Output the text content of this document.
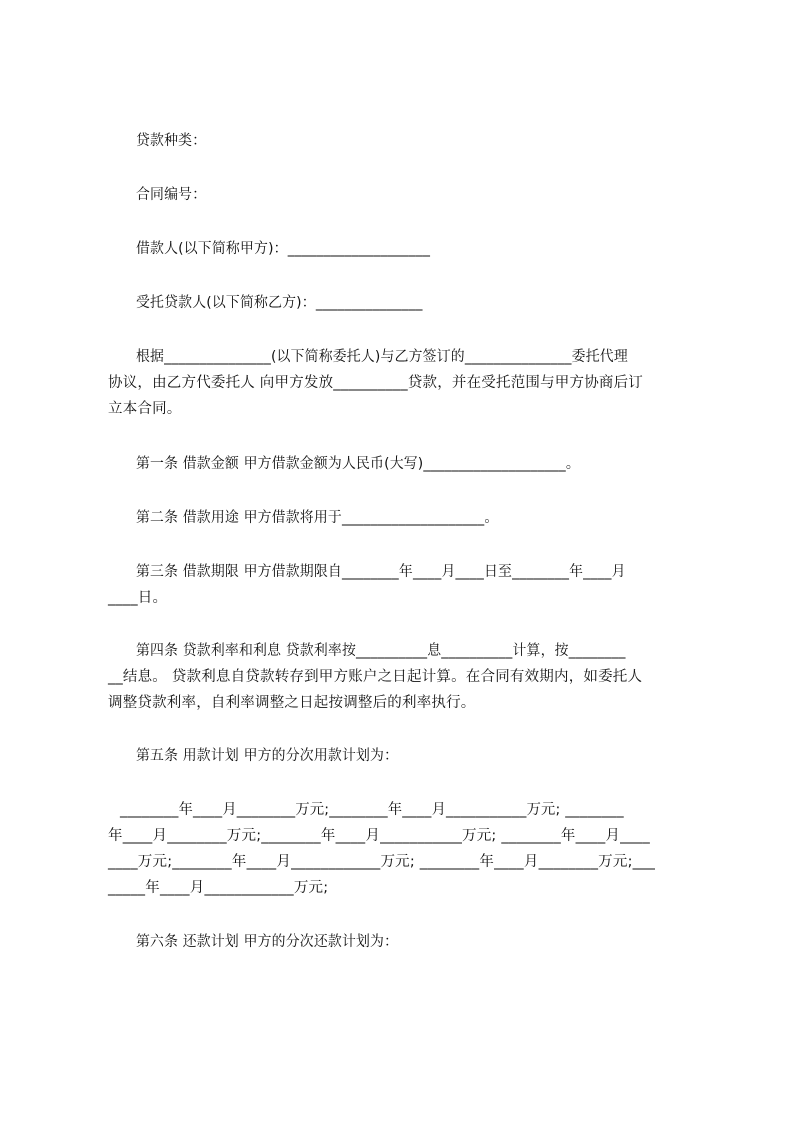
贷款种类：
合同编号：
借款人(以下简称甲方)：____________________
受托贷款人(以下简称乙方)：_______________
根据_______________(以下简称委托人)与乙方签订的_______________委托代理
协议，由乙方代委托人 向甲方发放__________贷款，并在受托范围与甲方协商后订
立本合同。
第一条 借款金额 甲方借款金额为人民币(大写)____________________。
第二条 借款用途 甲方借款将用于____________________。
第三条 借款期限 甲方借款期限自________年____月____日至________年____月
____日。
第四条 贷款利率和利息 贷款利率按__________息__________计算，按________
__结息。 贷款利息自贷款转存到甲方账户之日起计算。在合同有效期内，如委托人
调整贷款利率，自利率调整之日起按调整后的利率执行。
第五条 用款计划 甲方的分次用款计划为：
________年____月________万元;________年____月___________万元; ________
年____月________万元;________年____月___________万元; ________年____月____
____万元;________年____月____________万元; ________年____月________万元;___
_____年____月____________万元;
第六条 还款计划 甲方的分次还款计划为：
